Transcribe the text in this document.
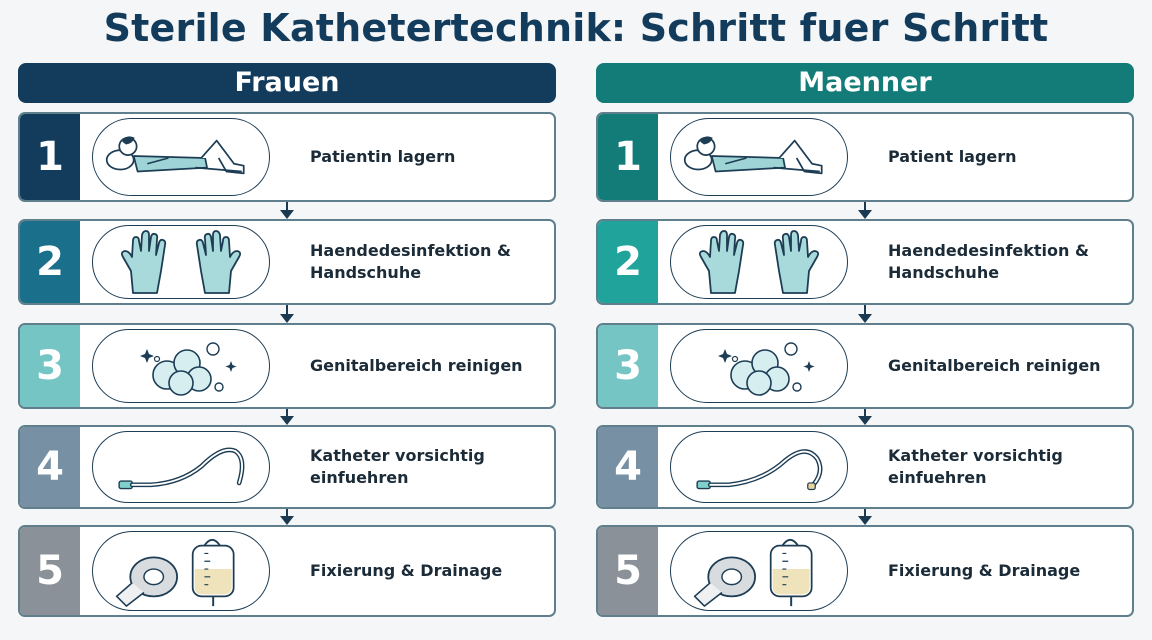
Sterile Kathetertechnik: Schritt fuer Schritt
Frauen
1	Patientin lagern
2	Haendedesinfektion & Handschuhe
3	Genitalbereich reinigen
4	Katheter vorsichtig einfuehren
5	Fixierung & Drainage
Maenner
1	Patient lagern
2	Haendedesinfektion & Handschuhe
3	Genitalbereich reinigen
4	Katheter vorsichtig einfuehren
5	Fixierung & Drainage
